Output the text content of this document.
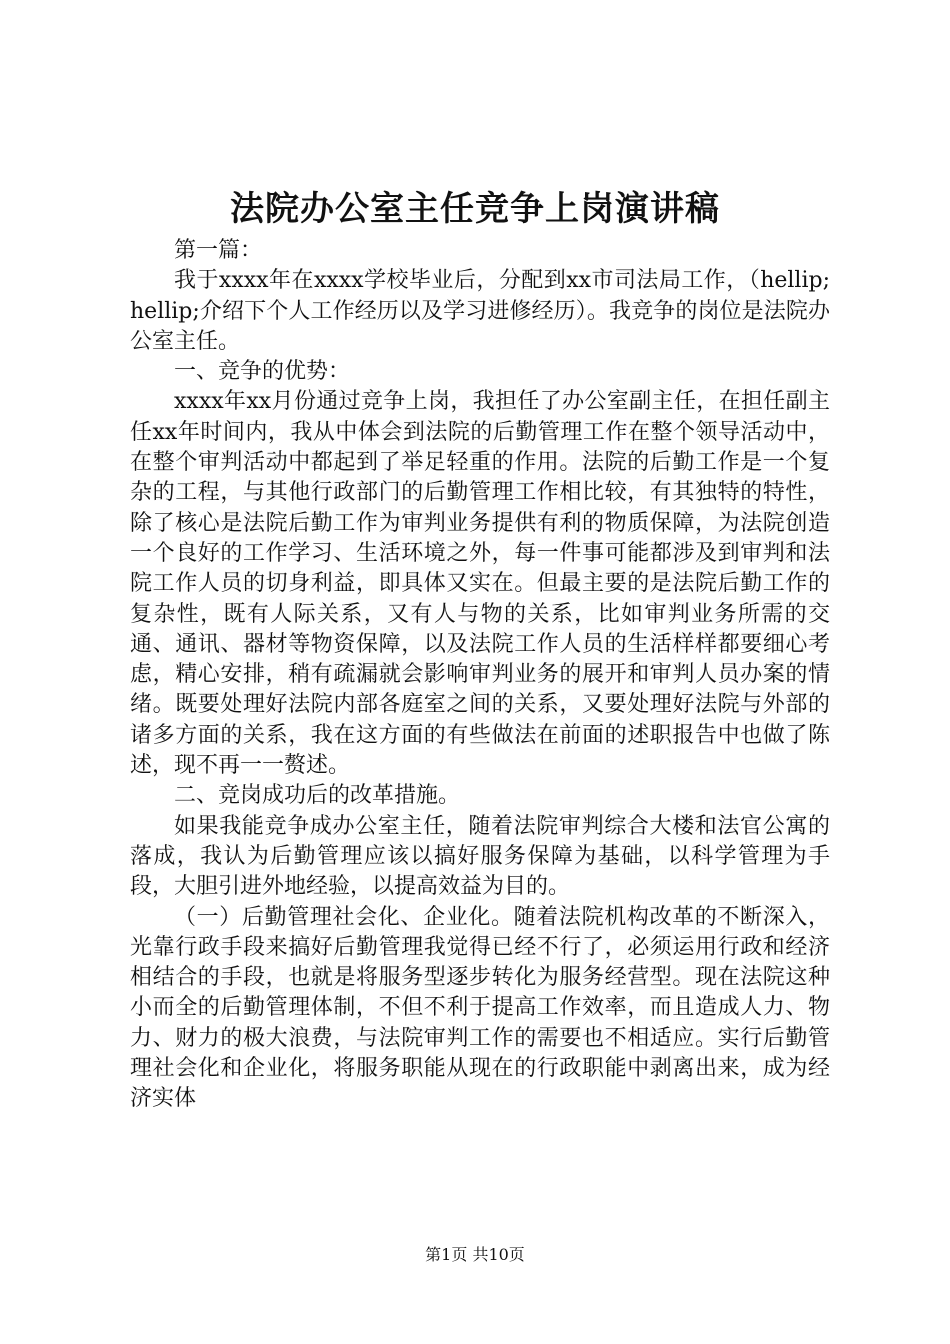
法院办公室主任竞争上岗演讲稿

第一篇：

我于xxxx年在xxxx学校毕业后，分配到xx市司法局工作，（hellip;hellip;介绍下个人工作经历以及学习进修经历）。我竞争的岗位是法院办公室主任。

一、竞争的优势：

xxxx年xx月份通过竞争上岗，我担任了办公室副主任，在担任副主任xx年时间内，我从中体会到法院的后勤管理工作在整个领导活动中，在整个审判活动中都起到了举足轻重的作用。法院的后勤工作是一个复杂的工程，与其他行政部门的后勤管理工作相比较，有其独特的特性，除了核心是法院后勤工作为审判业务提供有利的物质保障，为法院创造一个良好的工作学习、生活环境之外，每一件事可能都涉及到审判和法院工作人员的切身利益，即具体又实在。但最主要的是法院后勤工作的复杂性，既有人际关系，又有人与物的关系，比如审判业务所需的交通、通讯、器材等物资保障，以及法院工作人员的生活样样都要细心考虑，精心安排，稍有疏漏就会影响审判业务的展开和审判人员办案的情绪。既要处理好法院内部各庭室之间的关系，又要处理好法院与外部的诸多方面的关系，我在这方面的有些做法在前面的述职报告中也做了陈述，现不再一一赘述。

二、竞岗成功后的改革措施。

如果我能竞争成办公室主任，随着法院审判综合大楼和法官公寓的落成，我认为后勤管理应该以搞好服务保障为基础，以科学管理为手段，大胆引进外地经验，以提高效益为目的。

（一）后勤管理社会化、企业化。随着法院机构改革的不断深入，光靠行政手段来搞好后勤管理我觉得已经不行了，必须运用行政和经济相结合的手段，也就是将服务型逐步转化为服务经营型。现在法院这种小而全的后勤管理体制，不但不利于提高工作效率，而且造成人力、物力、财力的极大浪费，与法院审判工作的需要也不相适应。实行后勤管理社会化和企业化，将服务职能从现在的行政职能中剥离出来，成为经济实体

第1页 共10页
